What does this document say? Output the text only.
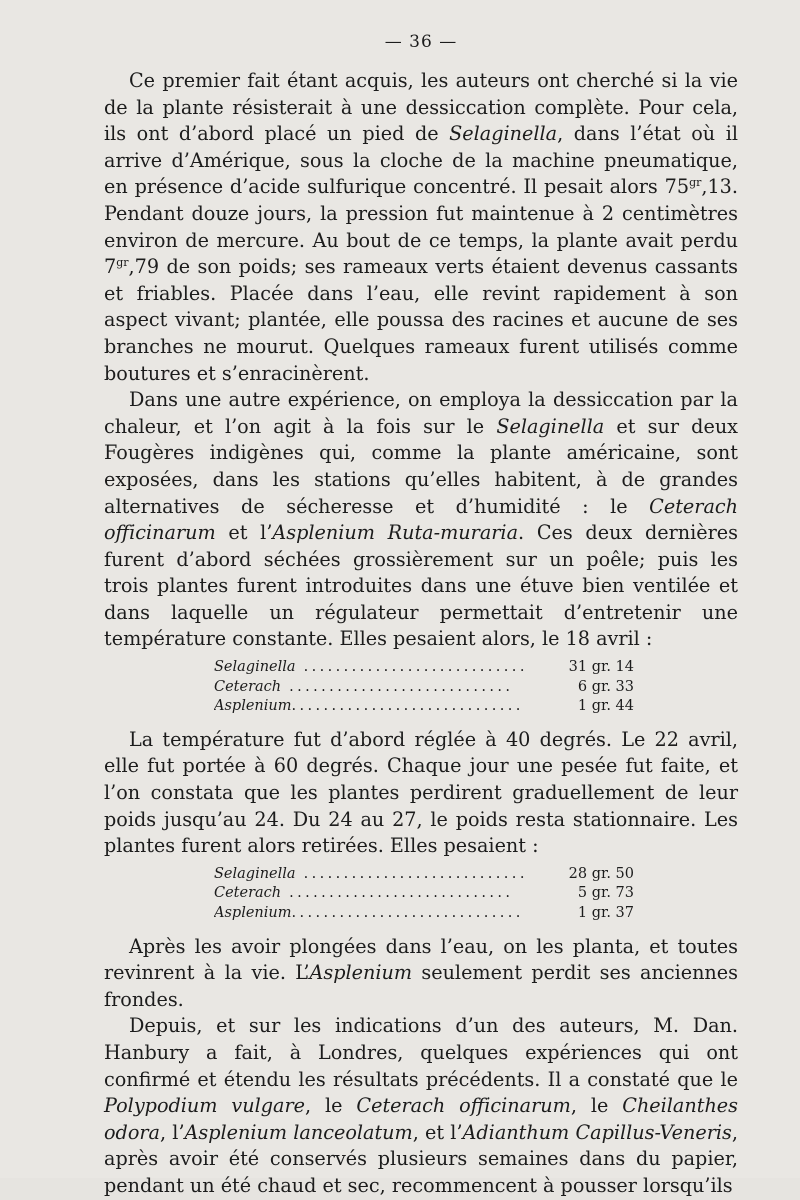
— 36 —

Ce premier fait étant acquis, les auteurs ont cherché si la vie de la plante résisterait à une dessiccation complète. Pour cela, ils ont d’abord placé un pied de Selaginella, dans l’état où il arrive d’Amérique, sous la cloche de la machine pneumatique, en présence d’acide sulfurique concentré. Il pesait alors $75^{gr},13$. Pendant douze jours, la pression fut maintenue à 2 centimètres environ de mercure. Au bout de ce temps, la plante avait perdu $7^{gr},79$ de son poids; ses rameaux verts étaient devenus cassants et friables. Placée dans l’eau, elle revint rapidement à son aspect vivant; plantée, elle poussa des racines et aucune de ses branches ne mourut. Quelques rameaux furent utilisés comme boutures et s’enracinèrent.

Dans une autre expérience, on employa la dessiccation par la chaleur, et l’on agit à la fois sur le Selaginella et sur deux Fougères indigènes qui, comme la plante américaine, sont exposées, dans les stations qu’elles habitent, à de grandes alternatives de sécheresse et d’humidité : le Ceterach officinarum et l’Asplenium Ruta-muraria. Ces deux dernières furent d’abord séchées grossièrement sur un poêle; puis les trois plantes furent introduites dans une étuve bien ventilée et dans laquelle un régulateur permettait d’entretenir une température constante. Elles pesaient alors, le 18 avril :

Selaginella ............................	31 gr. 14
Ceterach ............................	6 gr. 33
Asplenium.............................	1 gr. 44

La température fut d’abord réglée à 40 degrés. Le 22 avril, elle fut portée à 60 degrés. Chaque jour une pesée fut faite, et l’on constata que les plantes perdirent graduellement de leur poids jusqu’au 24. Du 24 au 27, le poids resta stationnaire. Les plantes furent alors retirées. Elles pesaient :

Selaginella ............................	28 gr. 50
Ceterach ............................	5 gr. 73
Asplenium.............................	1 gr. 37

Après les avoir plongées dans l’eau, on les planta, et toutes revinrent à la vie. L’Asplenium seulement perdit ses anciennes frondes.

Depuis, et sur les indications d’un des auteurs, M. Dan. Hanbury a fait, à Londres, quelques expériences qui ont confirmé et étendu les résultats précédents. Il a constaté que le Polypodium vulgare, le Ceterach officinarum, le Cheilanthes odora, l’Asplenium lanceolatum, et l’Adianthum Capillus-Veneris, après avoir été conservés plusieurs semaines dans du papier, pendant un été chaud et sec, recommencent à pousser lorsqu’ils
